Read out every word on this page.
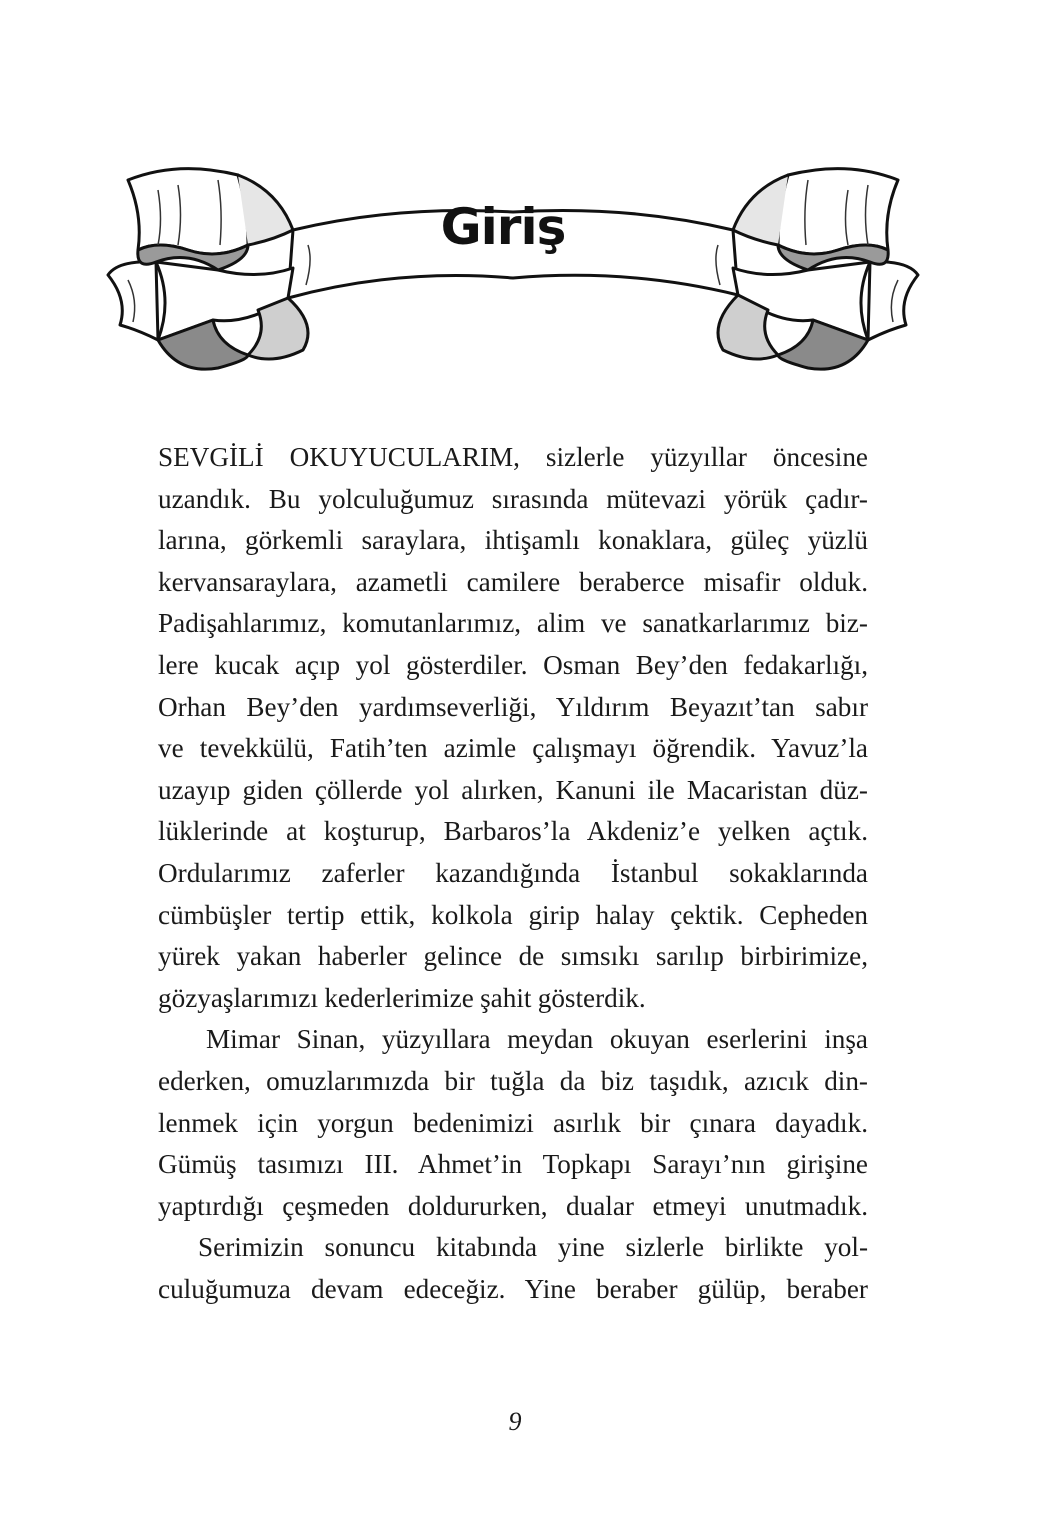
Giriş

SEVGİLİ OKUYUCULARIM, sizlerle yüzyıllar öncesine
uzandık. Bu yolculuğumuz sırasında mütevazi yörük çadır-
larına, görkemli saraylara, ihtişamlı konaklara, güleç yüzlü
kervansaraylara, azametli camilere beraberce misafir olduk.
Padişahlarımız, komutanlarımız, alim ve sanatkarlarımız biz-
lere kucak açıp yol gösterdiler. Osman Bey’den fedakarlığı,
Orhan Bey’den yardımseverliği, Yıldırım Beyazıt’tan sabır
ve tevekkülü, Fatih’ten azimle çalışmayı öğrendik. Yavuz’la
uzayıp giden çöllerde yol alırken, Kanuni ile Macaristan düz-
lüklerinde at koşturup, Barbaros’la Akdeniz’e yelken açtık.
Ordularımız zaferler kazandığında İstanbul sokaklarında
cümbüşler tertip ettik, kolkola girip halay çektik. Cepheden
yürek yakan haberler gelince de sımsıkı sarılıp birbirimize,
gözyaşlarımızı kederlerimize şahit gösterdik.

Mimar Sinan, yüzyıllara meydan okuyan eserlerini inşa
ederken, omuzlarımızda bir tuğla da biz taşıdık, azıcık din-
lenmek için yorgun bedenimizi asırlık bir çınara dayadık.
Gümüş tasımızı III. Ahmet’in Topkapı Sarayı’nın girişine
yaptırdığı çeşmeden doldururken, dualar etmeyi unutmadık.

Serimizin sonuncu kitabında yine sizlerle birlikte yol-
culuğumuza devam edeceğiz. Yine beraber gülüp, beraber

9
